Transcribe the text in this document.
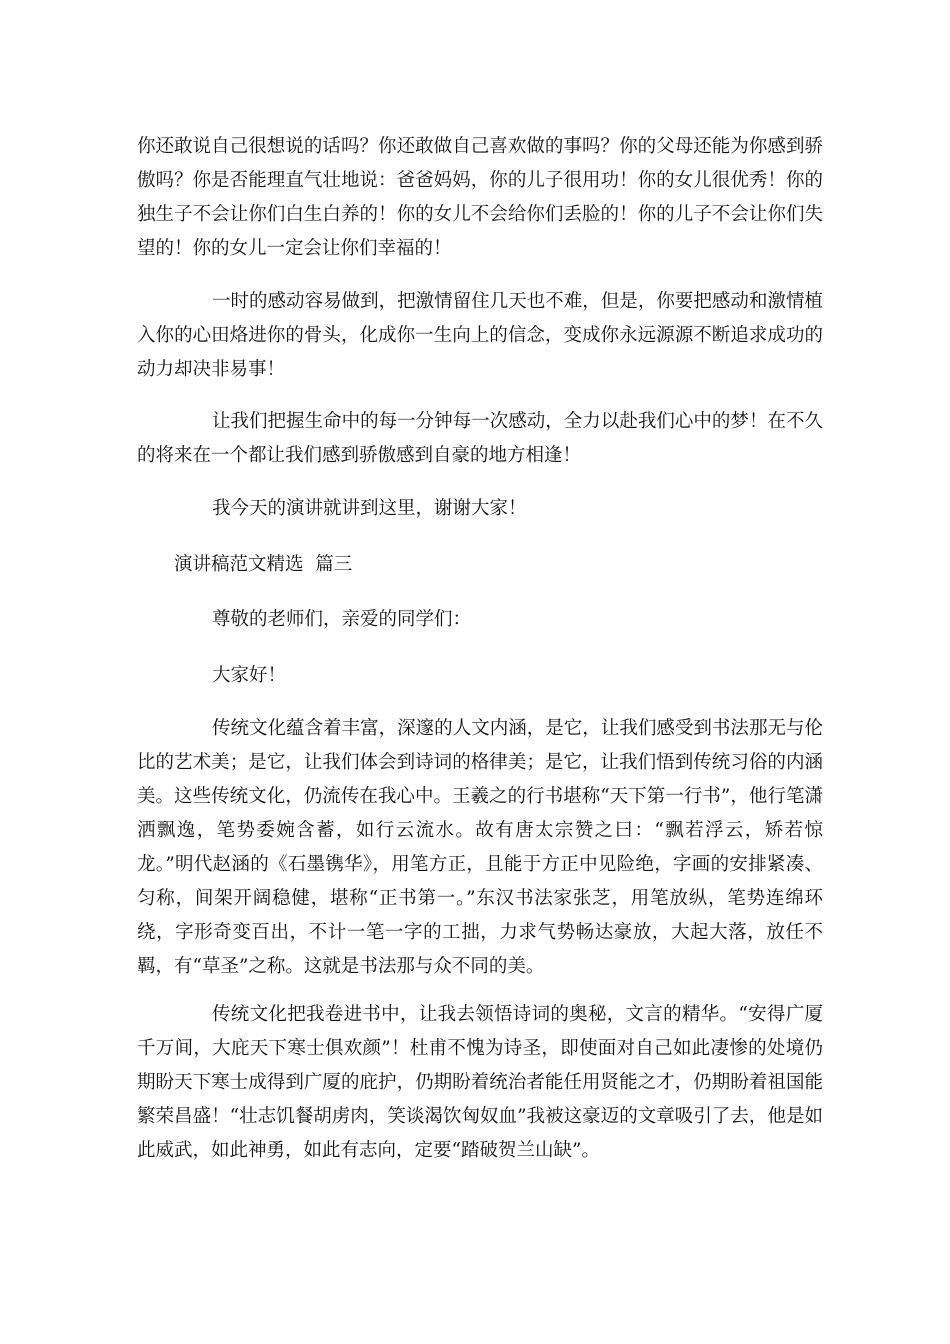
你还敢说自己很想说的话吗？你还敢做自己喜欢做的事吗？你的父母还能为你感到骄傲吗？你是否能理直气壮地说：爸爸妈妈，你的儿子很用功！你的女儿很优秀！你的独生子不会让你们白生白养的！你的女儿不会给你们丢脸的！你的儿子不会让你们失望的！你的女儿一定会让你们幸福的！

一时的感动容易做到，把激情留住几天也不难，但是，你要把感动和激情植入你的心田烙进你的骨头，化成你一生向上的信念，变成你永远源源不断追求成功的动力却决非易事！

让我们把握生命中的每一分钟每一次感动，全力以赴我们心中的梦！在不久的将来在一个都让我们感到骄傲感到自豪的地方相逢！

我今天的演讲就讲到这里，谢谢大家！

演讲稿范文精选  篇三

尊敬的老师们，亲爱的同学们：

大家好！

传统文化蕴含着丰富，深邃的人文内涵，是它，让我们感受到书法那无与伦比的艺术美；是它，让我们体会到诗词的格律美；是它，让我们悟到传统习俗的内涵美。这些传统文化，仍流传在我心中。王羲之的行书堪称“天下第一行书”，他行笔潇洒飘逸，笔势委婉含蓄，如行云流水。故有唐太宗赞之曰：“飘若浮云，矫若惊龙。”明代赵涵的《石墨镌华》，用笔方正，且能于方正中见险绝，字画的安排紧凑、匀称，间架开阔稳健，堪称“正书第一。”东汉书法家张芝，用笔放纵，笔势连绵环绕，字形奇变百出，不计一笔一字的工拙，力求气势畅达豪放，大起大落，放任不羁，有“草圣”之称。这就是书法那与众不同的美。

传统文化把我卷进书中，让我去领悟诗词的奥秘，文言的精华。“安得广厦千万间，大庇天下寒士俱欢颜”！杜甫不愧为诗圣，即使面对自己如此凄惨的处境仍期盼天下寒士成得到广厦的庇护，仍期盼着统治者能任用贤能之才，仍期盼着祖国能繁荣昌盛！“壮志饥餐胡虏肉，笑谈渴饮匈奴血”我被这豪迈的文章吸引了去，他是如此威武，如此神勇，如此有志向，定要“踏破贺兰山缺”。
